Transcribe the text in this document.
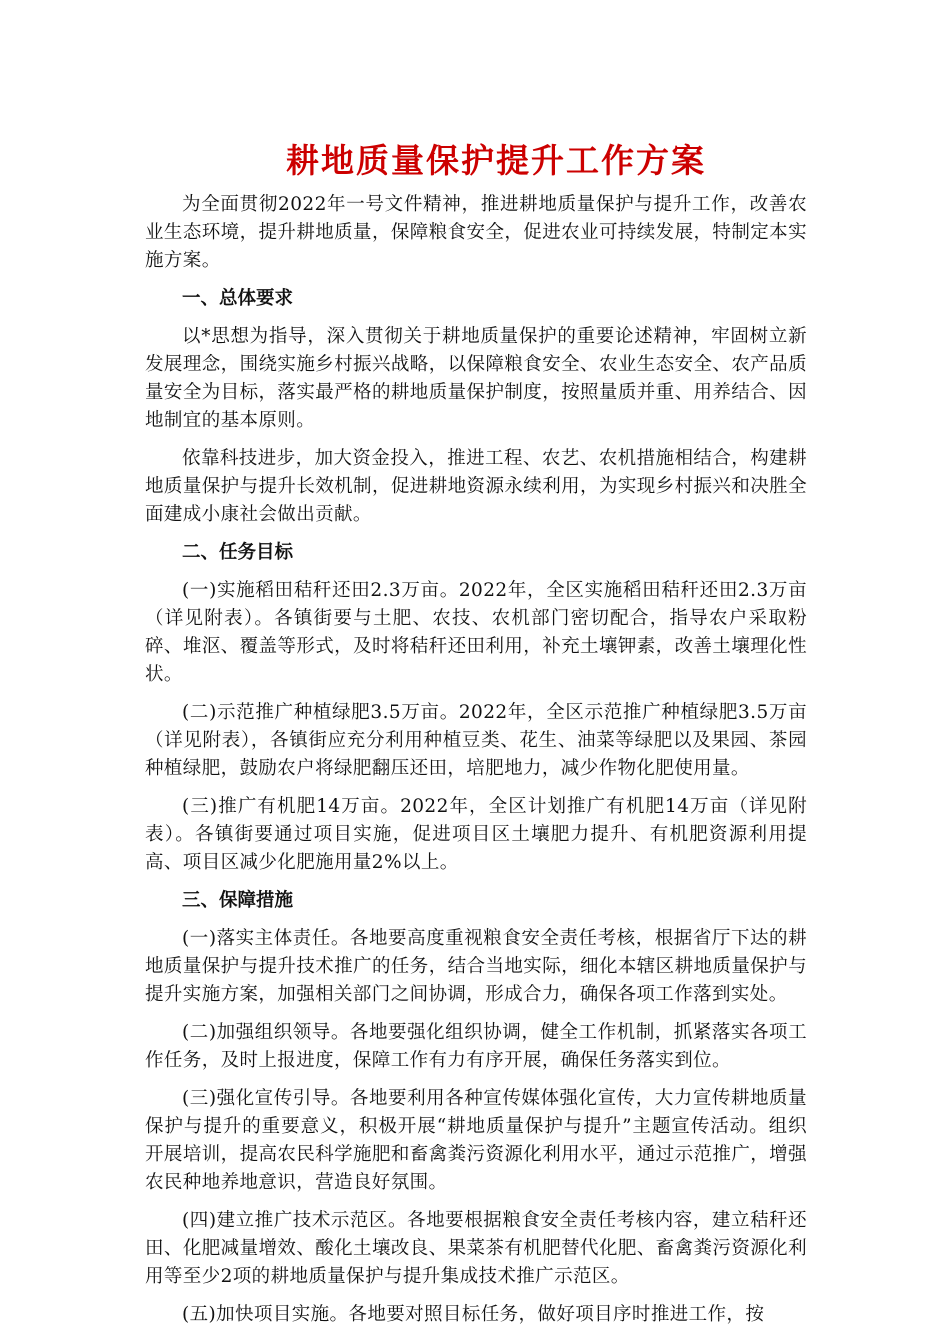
耕地质量保护提升工作方案

为全面贯彻2022年一号文件精神，推进耕地质量保护与提升工作，改善农业生态环境，提升耕地质量，保障粮食安全，促进农业可持续发展，特制定本实施方案。

一、总体要求

以*思想为指导，深入贯彻关于耕地质量保护的重要论述精神，牢固树立新发展理念，围绕实施乡村振兴战略，以保障粮食安全、农业生态安全、农产品质量安全为目标，落实最严格的耕地质量保护制度，按照量质并重、用养结合、因地制宜的基本原则。

依靠科技进步，加大资金投入，推进工程、农艺、农机措施相结合，构建耕地质量保护与提升长效机制，促进耕地资源永续利用，为实现乡村振兴和决胜全面建成小康社会做出贡献。

二、任务目标

(一)实施稻田秸秆还田2.3万亩。2022年，全区实施稻田秸秆还田2.3万亩（详见附表）。各镇街要与土肥、农技、农机部门密切配合，指导农户采取粉碎、堆沤、覆盖等形式，及时将秸秆还田利用，补充土壤钾素，改善土壤理化性状。

(二)示范推广种植绿肥3.5万亩。2022年，全区示范推广种植绿肥3.5万亩（详见附表），各镇街应充分利用种植豆类、花生、油菜等绿肥以及果园、茶园种植绿肥，鼓励农户将绿肥翻压还田，培肥地力，减少作物化肥使用量。

(三)推广有机肥14万亩。2022年，全区计划推广有机肥14万亩（详见附表）。各镇街要通过项目实施，促进项目区土壤肥力提升、有机肥资源利用提高、项目区减少化肥施用量2%以上。

三、保障措施

(一)落实主体责任。各地要高度重视粮食安全责任考核，根据省厅下达的耕地质量保护与提升技术推广的任务，结合当地实际，细化本辖区耕地质量保护与提升实施方案，加强相关部门之间协调，形成合力，确保各项工作落到实处。

(二)加强组织领导。各地要强化组织协调，健全工作机制，抓紧落实各项工作任务，及时上报进度，保障工作有力有序开展，确保任务落实到位。

(三)强化宣传引导。各地要利用各种宣传媒体强化宣传，大力宣传耕地质量保护与提升的重要意义，积极开展“耕地质量保护与提升”主题宣传活动。组织开展培训，提高农民科学施肥和畜禽粪污资源化利用水平，通过示范推广，增强农民种地养地意识，营造良好氛围。

(四)建立推广技术示范区。各地要根据粮食安全责任考核内容，建立秸秆还田、化肥减量增效、酸化土壤改良、果菜茶有机肥替代化肥、畜禽粪污资源化利用等至少2项的耕地质量保护与提升集成技术推广示范区。

(五)加快项目实施。各地要对照目标任务，做好项目序时推进工作，按
